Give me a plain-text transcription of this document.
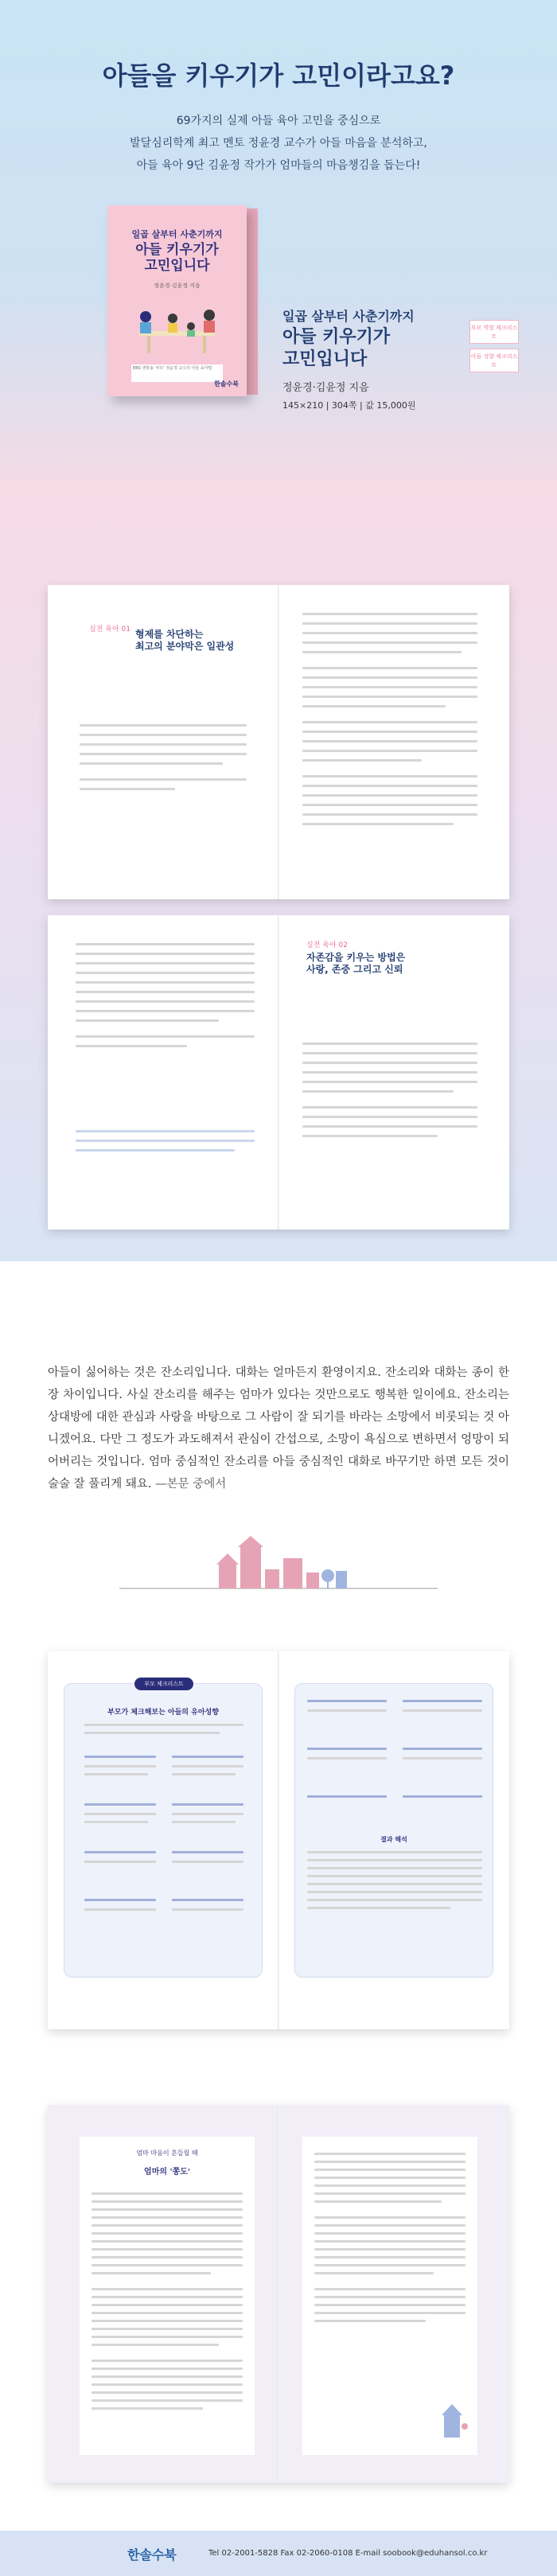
아들을 키우기가 고민이라고요?
69가지의 실제 아들 육아 고민을 중심으로
발달심리학계 최고 멘토 정윤경 교수가 아들 마음을 분석하고,
아들 육아 9단 김윤정 작가가 엄마들의 마음챙김을 돕는다!
일곱 살부터 사춘기까지
아들 키우기가
고민입니다
정윤경·김윤정 지음
EBS 생방송 '부모' 정윤경 교수의 아들 육아법
한솔수북
일곱 살부터 사춘기까지
아들 키우기가
고민입니다
정윤경·김윤정 지음
145×210 | 304쪽 | 값 15,000원
부모 역할 체크리스트
아들 성향 체크리스트
실전 육아 01 형제를 차단하는
최고의 분야막은 일관성
실전 육아 02
자존감을 키우는 방법은
사랑, 존중 그리고 신뢰
아들이 싫어하는 것은 잔소리입니다. 대화는 얼마든지 환영이지요. 잔소리와 대화는 종이 한 장 차이입니다. 사실 잔소리를 해주는 엄마가 있다는 것만으로도 행복한 일이에요. 잔소리는 상대방에 대한 관심과 사랑을 바탕으로 그 사람이 잘 되기를 바라는 소망에서 비롯되는 것 아니겠어요. 다만 그 정도가 과도해져서 관심이 간섭으로, 소망이 욕심으로 변하면서 엉망이 되어버리는 것입니다. 엄마 중심적인 잔소리를 아들 중심적인 대화로 바꾸기만 하면 모든 것이 술술 잘 풀리게 돼요. —본문 중에서
부모 체크리스트
부모가 체크해보는 아들의 유아성향
결과 해석
엄마 마음이 흔들릴 때
엄마의 '쫑도'
한솔수북	Tel 02-2001-5828 Fax 02-2060-0108 E-mail soobook@eduhansol.co.kr
